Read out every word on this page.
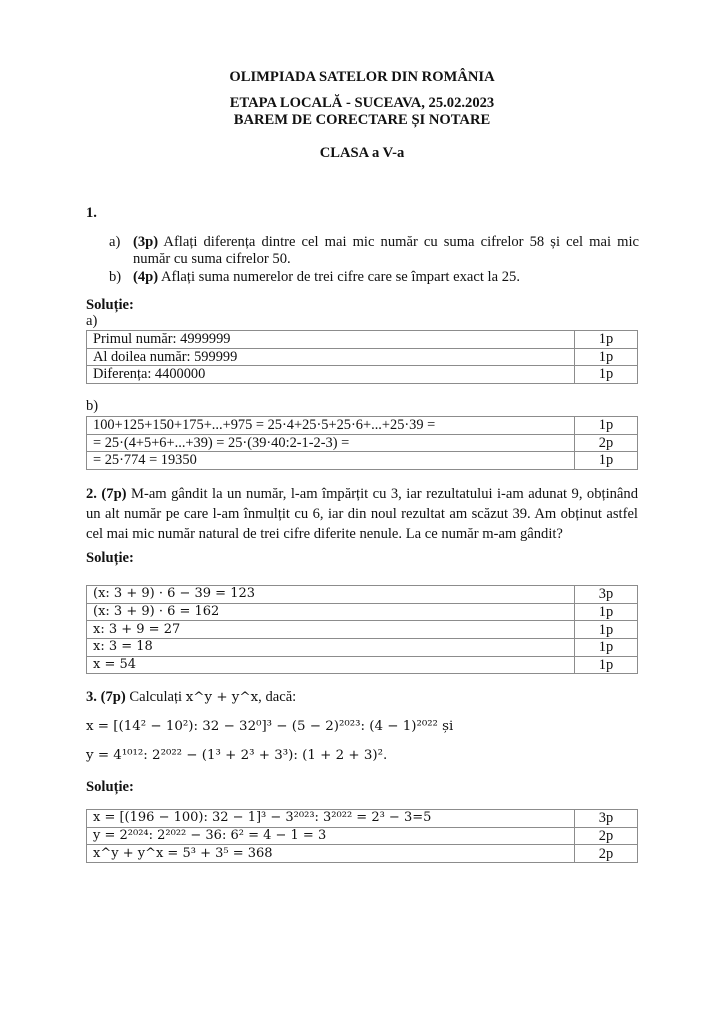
OLIMPIADA SATELOR DIN ROMÂNIA
ETAPA LOCALĂ - SUCEAVA, 25.02.2023
BAREM DE CORECTARE ȘI NOTARE
CLASA a V-a
1.
a) (3p) Aflați diferența dintre cel mai mic număr cu suma cifrelor 58 și cel mai mic număr cu suma cifrelor 50.
b) (4p) Aflați suma numerelor de trei cifre care se împart exact la 25.
Soluție:
a)
Primul număr: 4999999	1p
Al doilea număr: 599999	1p
Diferența: 4400000	1p
b)
100+125+150+175+...+975 = 25·4+25·5+25·6+...+25·39 =	1p
= 25·(4+5+6+...+39) = 25·(39·40:2-1-2-3) =	2p
= 25·774 = 19350	1p
2. (7p) M-am gândit la un număr, l-am împărțit cu 3, iar rezultatului i-am adunat 9, obținând un alt număr pe care l-am înmulțit cu 6, iar din noul rezultat am scăzut 39. Am obținut astfel cel mai mic număr natural de trei cifre diferite nenule. La ce număr m-am gândit?
Soluție:
(x: 3 + 9) · 6 − 39 = 123	3p
(x: 3 + 9) · 6 = 162	1p
x: 3 + 9 = 27	1p
x: 3 = 18	1p
x = 54	1p
3. (7p) Calculați x^y + y^x, dacă:
x = [(14² − 10²): 32 − 32⁰]³ − (5 − 2)²⁰²³: (4 − 1)²⁰²² și
y = 4¹⁰¹²: 2²⁰²² − (1³ + 2³ + 3³): (1 + 2 + 3)².
Soluție:
x = [(196 − 100): 32 − 1]³ − 3²⁰²³: 3²⁰²² = 2³ − 3=5	3p
y = 2²⁰²⁴: 2²⁰²² − 36: 6² = 4 − 1 = 3	2p
x^y + y^x = 5³ + 3⁵ = 368	2p
